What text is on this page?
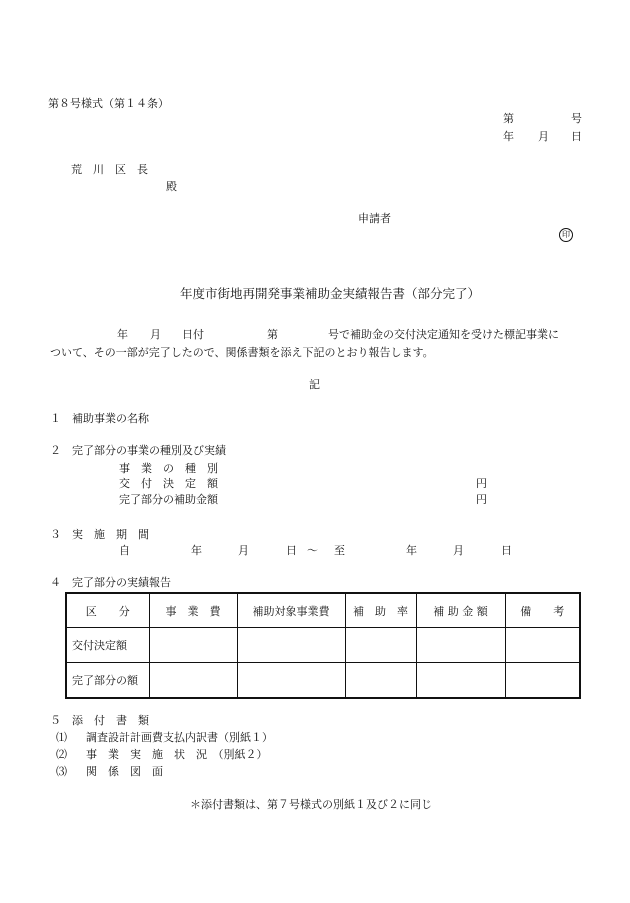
第８号様式（第１４条）
第	号
年 月 日
荒　川　区　長
殿
申請者
印
年度市街地再開発事業補助金実績報告書（部分完了）
年 月 日付	第	号で補助金の交付決定通知を受けた標記事業に
ついて、その一部が完了したので、関係書類を添え下記のとおり報告します。
記
１ 補助事業の名称
２ 完了部分の事業の種別及び実績
事　業　の　種　別
交　付　決　定　額	円
完了部分の補助金額	円
３ 実　施　期　間
自	年	月	日 ～ 至	年	月	日
４ 完了部分の実績報告
区　　分	事　業　費	補助対象事業費	補　助　率	補 助 金 額	備　　考
交付決定額					
完了部分の額					
５ 添　付　書　類
⑴ 調査設計計画費支払内訳書（別紙１）
⑵ 事　業　実　施　状　況　（別紙２）
⑶ 関　係　図　面
＊添付書類は、第７号様式の別紙１及び２に同じ
